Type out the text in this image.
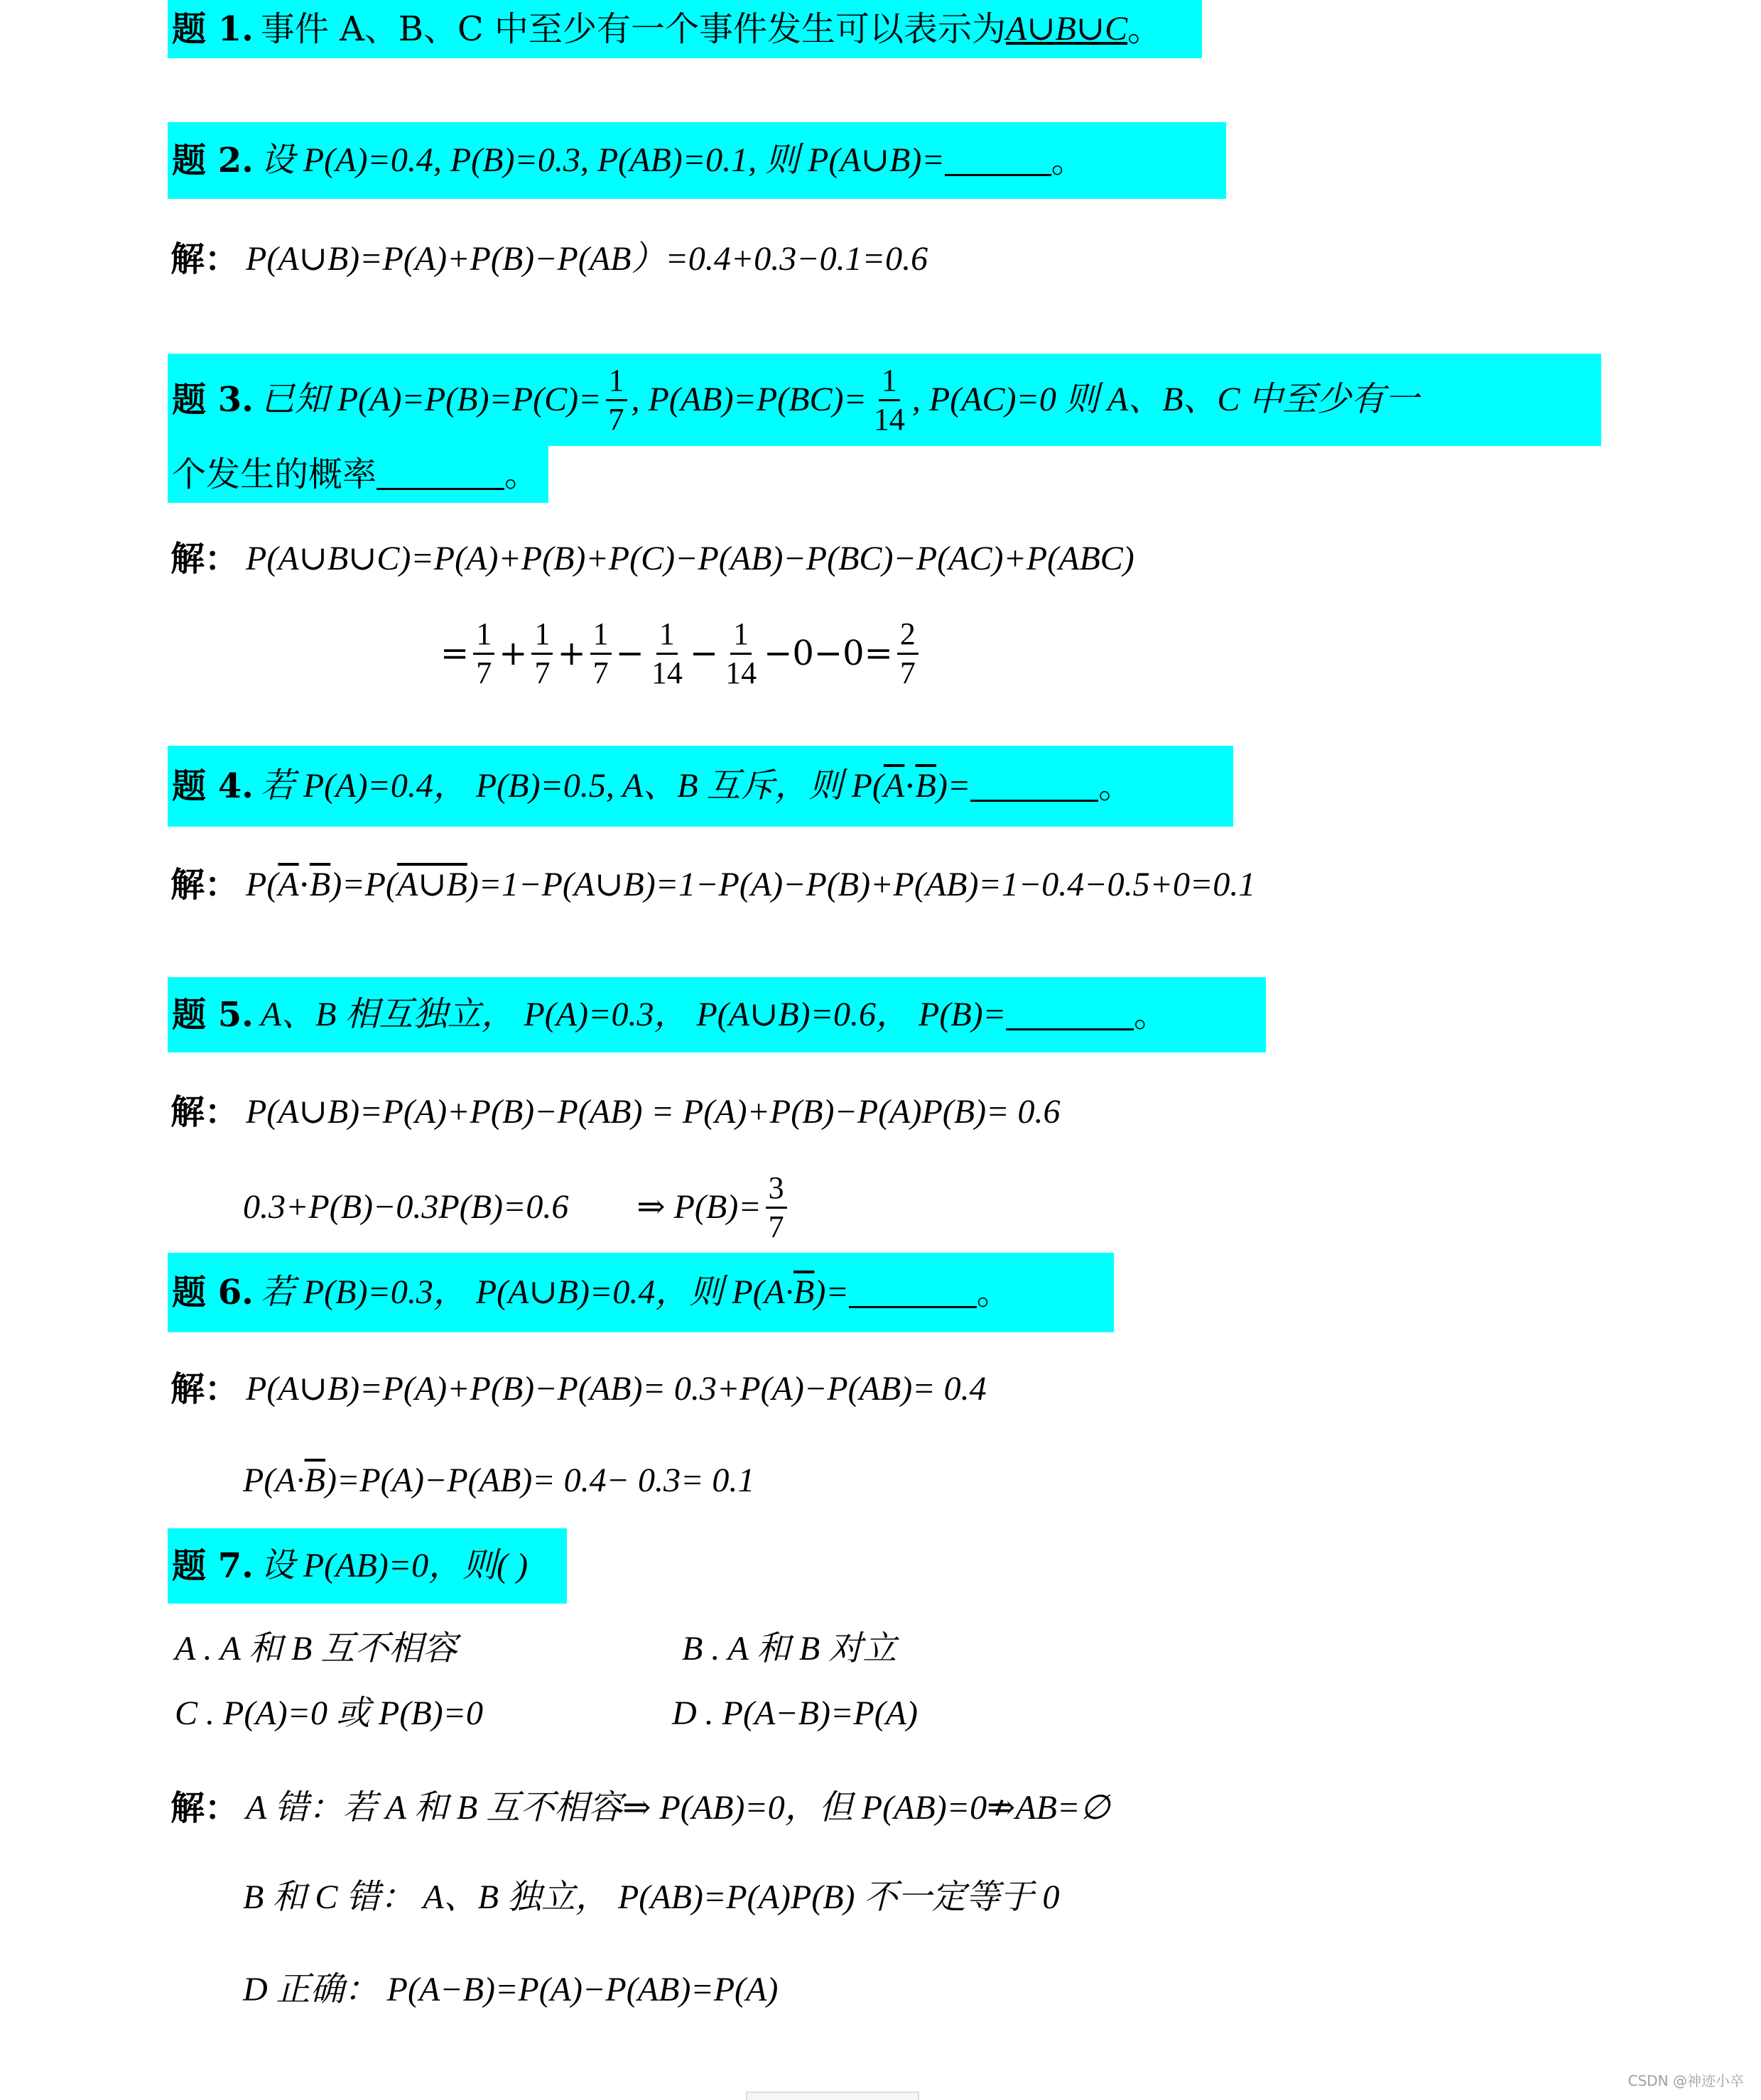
题 1. 事件 A、B、C 中至少有一个事件发生可以表示为 A∪B∪C 。
题 2. 设 P(A)=0.4, P(B)=0.3, P(AB)=0.1, 则 P(A∪B)=	。
解： P(A∪B)=P(A)+P(B)−P(AB）=0.4+0.3−0.1=0.6
题 3. 已知 $P(A)=P(B)=P(C)= \frac{1}{7}$ , $P(AB)=P(BC)= \frac{1}{14}$ , P(AC)=0 则 A、B、C 中至少有一
个发生的概率	。
解： P(A∪B∪C)=P(A)+P(B)+P(C)−P(AB)−P(BC)−P(AC)+P(ABC)
= $\frac{1}{7} + \frac{1}{7} + \frac{1}{7} - \frac{1}{14} - \frac{1}{14} -0-0= \frac{2}{7}$
题 4. 若 P(A)=0.4， P(B)=0.5, A、B 互斥，则 P( $\overline{A} \cdot \overline{B}$ )=	。
解： P( $\overline{A} \cdot \overline{B}$ )=P( A∪B )=1−P(A∪B)=1−P(A)−P(B)+P(AB)=1−0.4−0.5+0=0.1
题 5. A、B 相互独立， P(A)=0.3， P(A∪B)=0.6， P(B)=	。
解： P(A∪B)=P(A)+P(B)−P(AB) = P(A)+P(B)−P(A)P(B)= 0.6
0.3+P(B)−0.3P(B)=0.6 ⇒ $P(B)= \frac{3}{7}$
题 6. 若 P(B)=0.3， P(A∪B)=0.4，则 $P(A\cdot \overline{B}$ )=	。
解： P(A∪B)=P(A)+P(B)−P(AB)= 0.3+P(A)−P(AB)= 0.4
$P(A\cdot \overline{B}$ )=P(A)−P(AB)= 0.4− 0.3= 0.1
题 7. 设 P(AB)=0，则( )
A . A 和 B 互不相容	B . A 和 B 对立
C . P(A)=0 或 P(B)=0	D . P(A−B)=P(A)
解： A 错：若 A 和 B 互不相容⇒ P(AB)=0，但 P(AB)=0⇏AB=∅
B 和 C 错： A、B 独立， P(AB)=P(A)P(B) 不一定等于 0
D 正确： P(A−B)=P(A)−P(AB)=P(A)
CSDN @神迹小卒
